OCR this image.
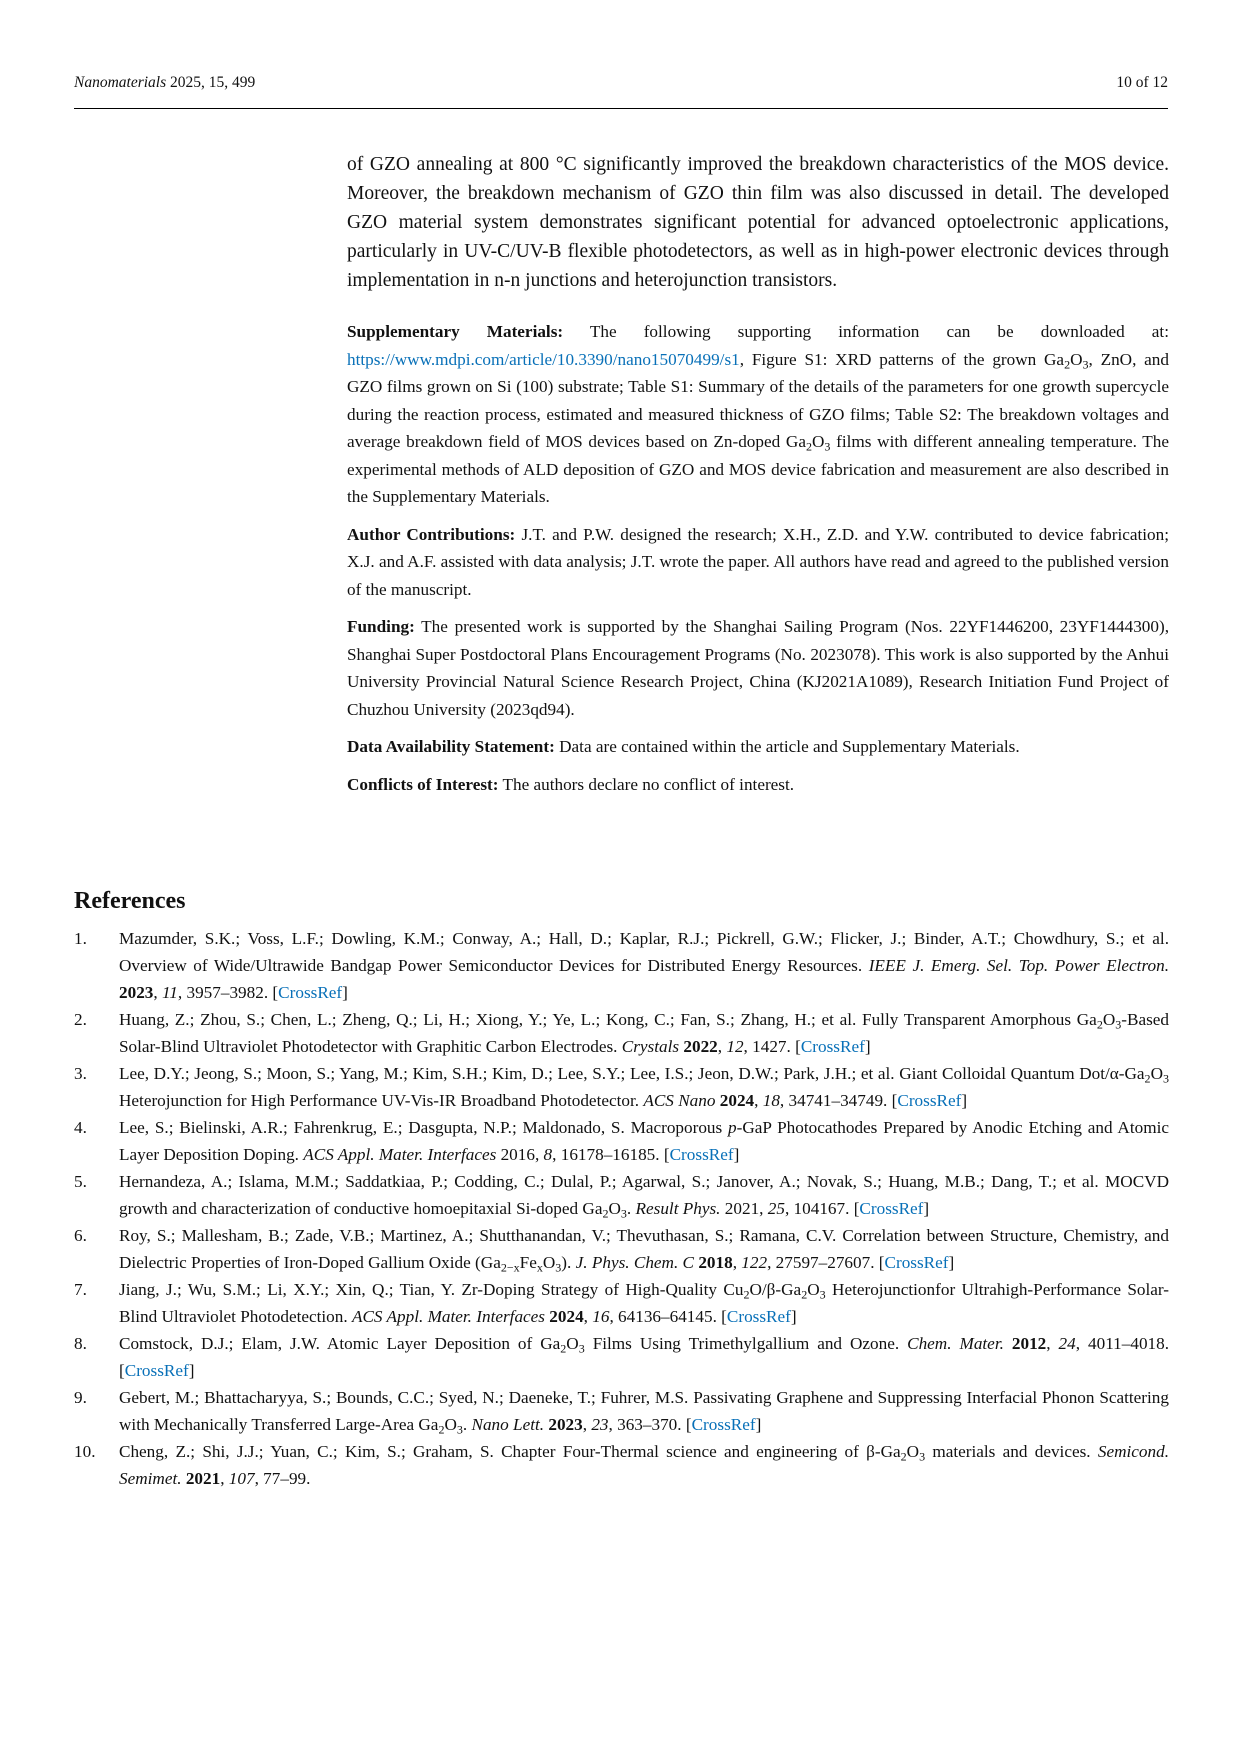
Nanomaterials 2025, 15, 499	10 of 12

of GZO annealing at 800 °C significantly improved the breakdown characteristics of the MOS device. Moreover, the breakdown mechanism of GZO thin film was also discussed in detail. The developed GZO material system demonstrates significant potential for advanced optoelectronic applications, particularly in UV-C/UV-B flexible photodetectors, as well as in high-power electronic devices through implementation in n-n junctions and heterojunction transistors.

Supplementary Materials: The following supporting information can be downloaded at: https://www.mdpi.com/article/10.3390/nano15070499/s1, Figure S1: XRD patterns of the grown $Ga_2O_3$, ZnO, and GZO films grown on Si (100) substrate; Table S1: Summary of the details of the parameters for one growth supercycle during the reaction process, estimated and measured thickness of GZO films; Table S2: The breakdown voltages and average breakdown field of MOS devices based on Zn-doped $Ga_2O_3$ films with different annealing temperature. The experimental methods of ALD deposition of GZO and MOS device fabrication and measurement are also described in the Supplementary Materials.

Author Contributions: J.T. and P.W. designed the research; X.H., Z.D. and Y.W. contributed to device fabrication; X.J. and A.F. assisted with data analysis; J.T. wrote the paper. All authors have read and agreed to the published version of the manuscript.

Funding: The presented work is supported by the Shanghai Sailing Program (Nos. 22YF1446200, 23YF1444300), Shanghai Super Postdoctoral Plans Encouragement Programs (No. 2023078). This work is also supported by the Anhui University Provincial Natural Science Research Project, China (KJ2021A1089), Research Initiation Fund Project of Chuzhou University (2023qd94).

Data Availability Statement: Data are contained within the article and Supplementary Materials.

Conflicts of Interest: The authors declare no conflict of interest.

References
1. Mazumder, S.K.; Voss, L.F.; Dowling, K.M.; Conway, A.; Hall, D.; Kaplar, R.J.; Pickrell, G.W.; Flicker, J.; Binder, A.T.; Chowdhury, S.; et al. Overview of Wide/Ultrawide Bandgap Power Semiconductor Devices for Distributed Energy Resources. IEEE J. Emerg. Sel. Top. Power Electron. 2023, 11, 3957–3982. [CrossRef]
2. Huang, Z.; Zhou, S.; Chen, L.; Zheng, Q.; Li, H.; Xiong, Y.; Ye, L.; Kong, C.; Fan, S.; Zhang, H.; et al. Fully Transparent Amorphous $Ga_2O_3$-Based Solar-Blind Ultraviolet Photodetector with Graphitic Carbon Electrodes. Crystals 2022, 12, 1427. [CrossRef]
3. Lee, D.Y.; Jeong, S.; Moon, S.; Yang, M.; Kim, S.H.; Kim, D.; Lee, S.Y.; Lee, I.S.; Jeon, D.W.; Park, J.H.; et al. Giant Colloidal Quantum Dot/$\alpha-Ga_2O_3$ Heterojunction for High Performance UV-Vis-IR Broadband Photodetector. ACS Nano 2024, 18, 34741–34749. [CrossRef]
4. Lee, S.; Bielinski, A.R.; Fahrenkrug, E.; Dasgupta, N.P.; Maldonado, S. Macroporous p-GaP Photocathodes Prepared by Anodic Etching and Atomic Layer Deposition Doping. ACS Appl. Mater. Interfaces 2016, 8, 16178–16185. [CrossRef]
5. Hernandeza, A.; Islama, M.M.; Saddatkiaa, P.; Codding, C.; Dulal, P.; Agarwal, S.; Janover, A.; Novak, S.; Huang, M.B.; Dang, T.; et al. MOCVD growth and characterization of conductive homoepitaxial Si-doped $Ga_2O_3$. Result Phys. 2021, 25, 104167. [CrossRef]
6. Roy, S.; Mallesham, B.; Zade, V.B.; Martinez, A.; Shutthanandan, V.; Thevuthasan, S.; Ramana, C.V. Correlation between Structure, Chemistry, and Dielectric Properties of Iron-Doped Gallium Oxide $(Ga_{2-x}Fe_xO_3)$. J. Phys. Chem. C 2018, 122, 27597–27607. [CrossRef]
7. Jiang, J.; Wu, S.M.; Li, X.Y.; Xin, Q.; Tian, Y. Zr-Doping Strategy of High-Quality $Cu_2O/\beta-Ga_2O_3$ Heterojunctionfor Ultrahigh-Performance Solar-Blind Ultraviolet Photodetection. ACS Appl. Mater. Interfaces 2024, 16, 64136–64145. [CrossRef]
8. Comstock, D.J.; Elam, J.W. Atomic Layer Deposition of $Ga_2O_3$ Films Using Trimethylgallium and Ozone. Chem. Mater. 2012, 24, 4011–4018. [CrossRef]
9. Gebert, M.; Bhattacharyya, S.; Bounds, C.C.; Syed, N.; Daeneke, T.; Fuhrer, M.S. Passivating Graphene and Suppressing Interfacial Phonon Scattering with Mechanically Transferred Large-Area $Ga_2O_3$. Nano Lett. 2023, 23, 363–370. [CrossRef]
10. Cheng, Z.; Shi, J.J.; Yuan, C.; Kim, S.; Graham, S. Chapter Four-Thermal science and engineering of $\beta-Ga_2O_3$ materials and devices. Semicond. Semimet. 2021, 107, 77–99.
